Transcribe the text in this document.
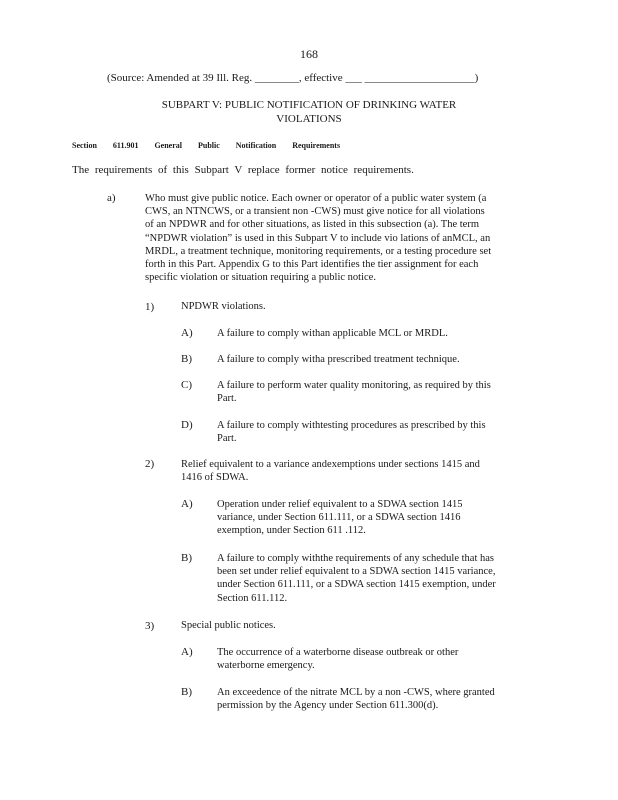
168
(Source: Amended at 39 Ill. Reg. ________, effective ___ ____________________)
SUBPART V: PUBLIC NOTIFICATION OF DRINKING WATER
VIOLATIONS
Section 611.901 General Public Notification Requirements
The requirements of this Subpart V replace former notice requirements.
a)	Who must give public notice. Each owner or operator of a public water system (a
CWS, an NTNCWS, or a transient non -CWS) must give notice for all violations
of an NPDWR and for other situations, as listed in this subsection (a). The term
“NPDWR violation” is used in this Subpart V to include vio lations of anMCL, an
MRDL, a treatment technique, monitoring requirements, or a testing procedure set
forth in this Part. Appendix G to this Part identifies the tier assignment for each
specific violation or situation requiring a public notice.
1)	NPDWR violations.
A) A failure to comply withan applicable MCL or MRDL.
B) A failure to comply witha prescribed treatment technique.
C) A failure to perform water quality monitoring, as required by this
Part.
D) A failure to comply withtesting procedures as prescribed by this
Part.
2)	Relief equivalent to a variance andexemptions under sections 1415 and
1416 of SDWA.
A) Operation under relief equivalent to a SDWA section 1415
variance, under Section 611.111, or a SDWA section 1416
exemption, under Section 611 .112.
B) A failure to comply withthe requirements of any schedule that has
been set under relief equivalent to a SDWA section 1415 variance,
under Section 611.111, or a SDWA section 1415 exemption, under
Section 611.112.
3)	Special public notices.
A) The occurrence of a waterborne disease outbreak or other
waterborne emergency.
B) An exceedence of the nitrate MCL by a non -CWS, where granted
permission by the Agency under Section 611.300(d).
